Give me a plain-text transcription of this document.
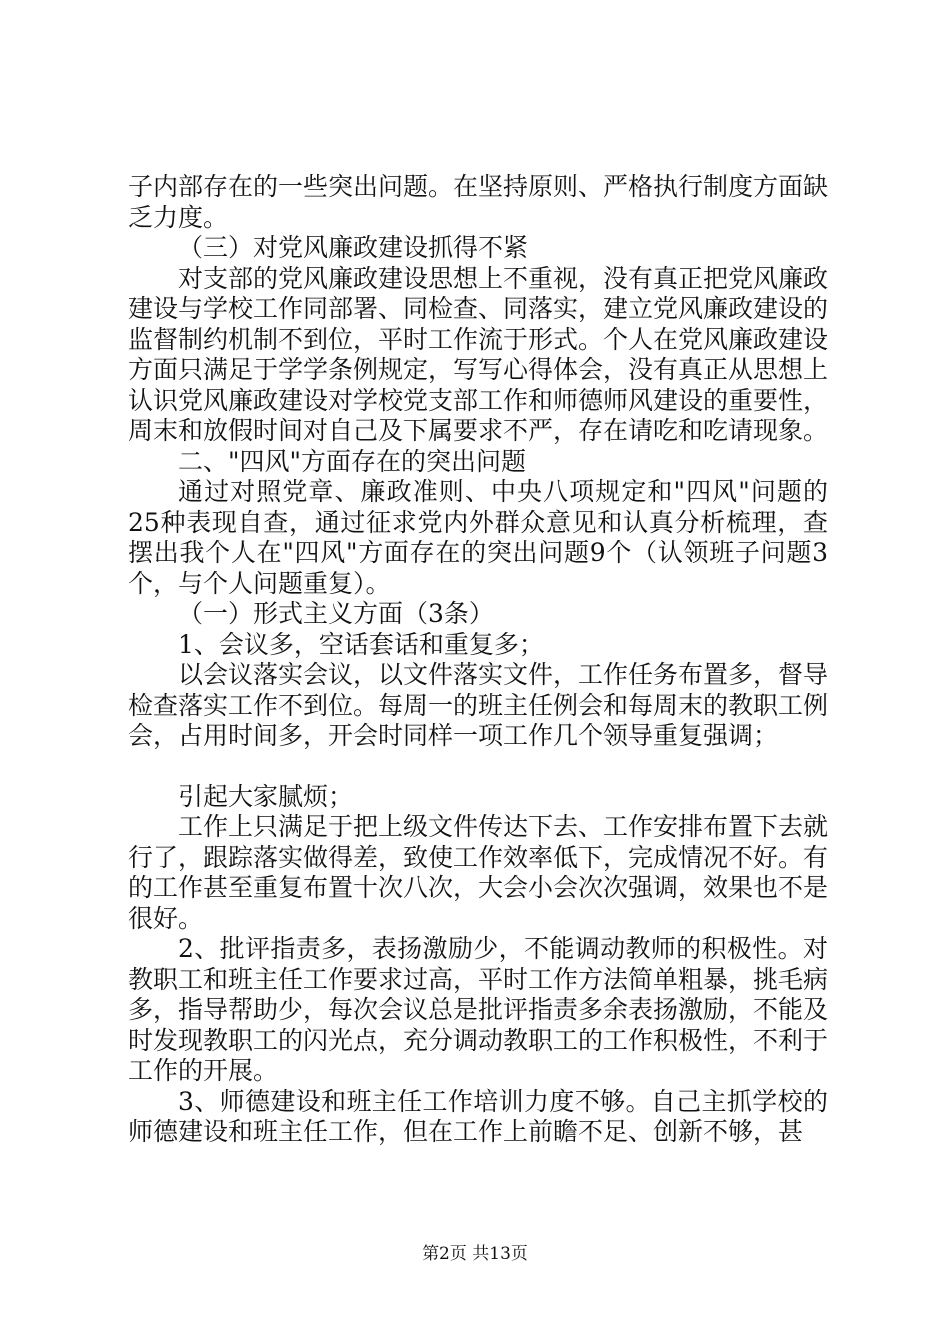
子内部存在的一些突出问题。在坚持原则、严格执行制度方面缺乏力度。

（三）对党风廉政建设抓得不紧

对支部的党风廉政建设思想上不重视，没有真正把党风廉政建设与学校工作同部署、同检查、同落实，建立党风廉政建设的监督制约机制不到位，平时工作流于形式。个人在党风廉政建设方面只满足于学学条例规定，写写心得体会，没有真正从思想上认识党风廉政建设对学校党支部工作和师德师风建设的重要性，周末和放假时间对自己及下属要求不严，存在请吃和吃请现象。

二、"四风"方面存在的突出问题

通过对照党章、廉政准则、中央八项规定和"四风"问题的25种表现自查，通过征求党内外群众意见和认真分析梳理，查摆出我个人在"四风"方面存在的突出问题9个（认领班子问题3个，与个人问题重复）。

（一）形式主义方面（3条）

1、会议多，空话套话和重复多；

以会议落实会议，以文件落实文件，工作任务布置多，督导检查落实工作不到位。每周一的班主任例会和每周末的教职工例会，占用时间多，开会时同样一项工作几个领导重复强调；

引起大家腻烦；

工作上只满足于把上级文件传达下去、工作安排布置下去就行了，跟踪落实做得差，致使工作效率低下，完成情况不好。有的工作甚至重复布置十次八次，大会小会次次强调，效果也不是很好。

2、批评指责多，表扬激励少，不能调动教师的积极性。对教职工和班主任工作要求过高，平时工作方法简单粗暴，挑毛病多，指导帮助少，每次会议总是批评指责多余表扬激励，不能及时发现教职工的闪光点，充分调动教职工的工作积极性，不利于工作的开展。

3、师德建设和班主任工作培训力度不够。自己主抓学校的师德建设和班主任工作，但在工作上前瞻不足、创新不够，甚

第2页 共13页
